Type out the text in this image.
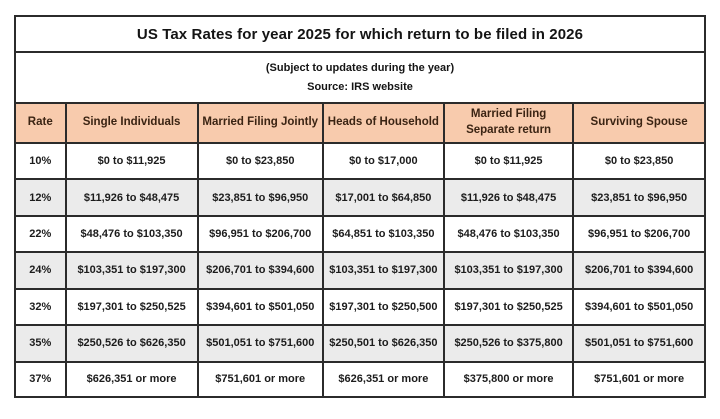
US Tax Rates for year 2025 for which return to be filed in 2026
(Subject to updates during the year)
Source: IRS website
Rate	Single Individuals	Married Filing Jointly	Heads of Household	Married Filing Separate return	Surviving Spouse
10%	$0 to $11,925	$0 to $23,850	$0 to $17,000	$0 to $11,925	$0 to $23,850
12%	$11,926 to $48,475	$23,851 to $96,950	$17,001 to $64,850	$11,926 to $48,475	$23,851 to $96,950
22%	$48,476 to $103,350	$96,951 to $206,700	$64,851 to $103,350	$48,476 to $103,350	$96,951 to $206,700
24%	$103,351 to $197,300	$206,701 to $394,600	$103,351 to $197,300	$103,351 to $197,300	$206,701 to $394,600
32%	$197,301 to $250,525	$394,601 to $501,050	$197,301 to $250,500	$197,301 to $250,525	$394,601 to $501,050
35%	$250,526 to $626,350	$501,051 to $751,600	$250,501 to $626,350	$250,526 to $375,800	$501,051 to $751,600
37%	$626,351 or more	$751,601 or more	$626,351 or more	$375,800 or more	$751,601 or more
